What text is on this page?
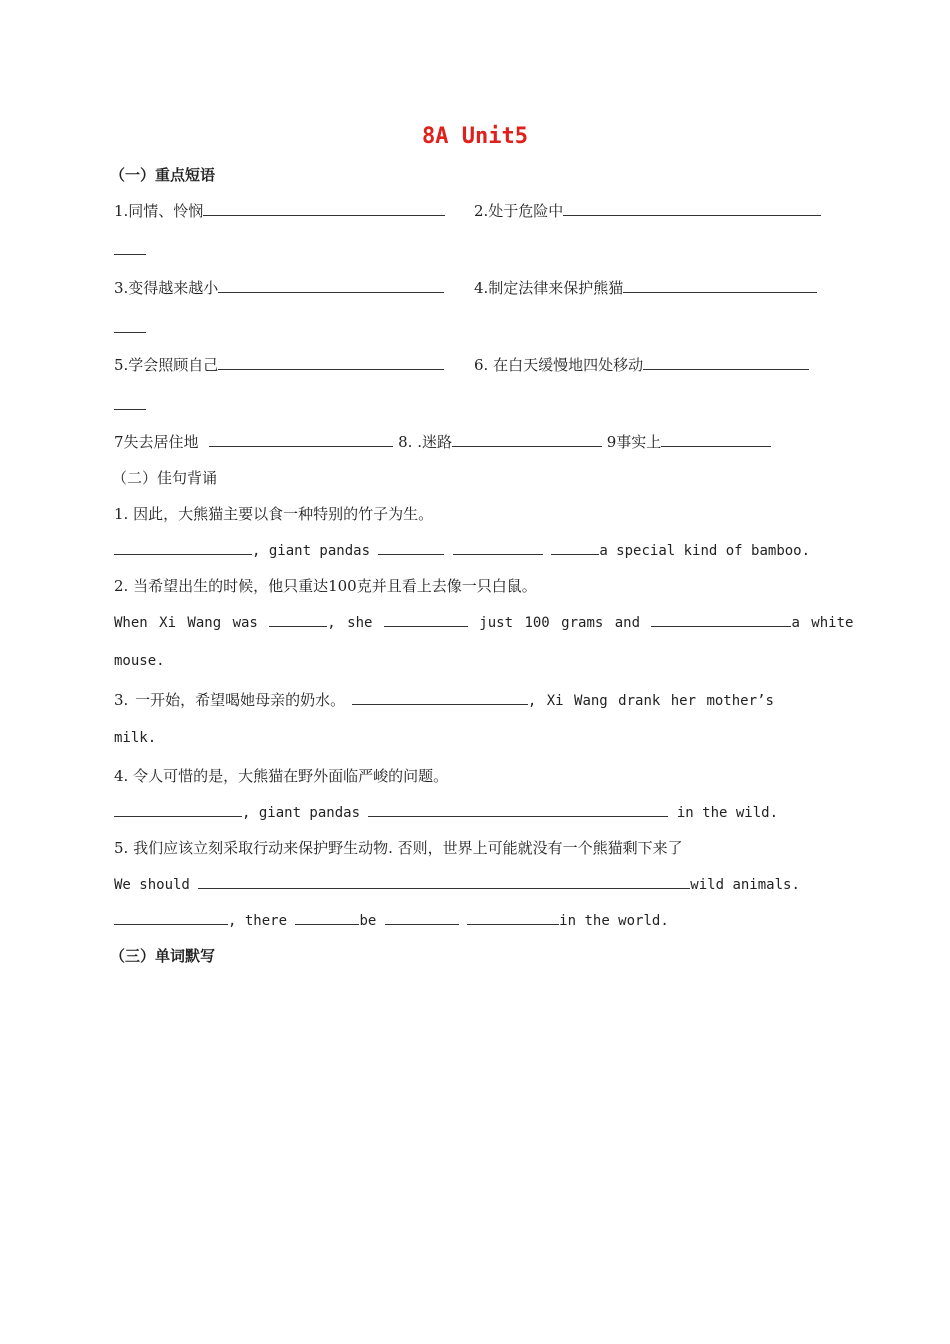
8A Unit5
（一）重点短语
1.同情、怜悯	2.处于危险中
3.变得越来越小	4.制定法律来保护熊猫
5.学会照顾自己	6. 在白天缓慢地四处移动
7失去居住地	8. .迷路	9事实上
（二）佳句背诵
1. 因此，大熊猫主要以食一种特别的竹子为生。
, giant pandas	a special kind of bamboo.
2. 当希望出生的时候，他只重达100克并且看上去像一只白鼠。
When Xi Wang was	, she	just 100 grams and	a white
mouse.
3. 一开始，希望喝她母亲的奶水。	, Xi Wang drank her mother’s
milk.
4. 令人可惜的是，大熊猫在野外面临严峻的问题。
, giant pandas	in the wild.
5. 我们应该立刻采取行动来保护野生动物. 否则，世界上可能就没有一个熊猫剩下来了
We should	wild animals.
, there	be	in the world.
（三）单词默写
